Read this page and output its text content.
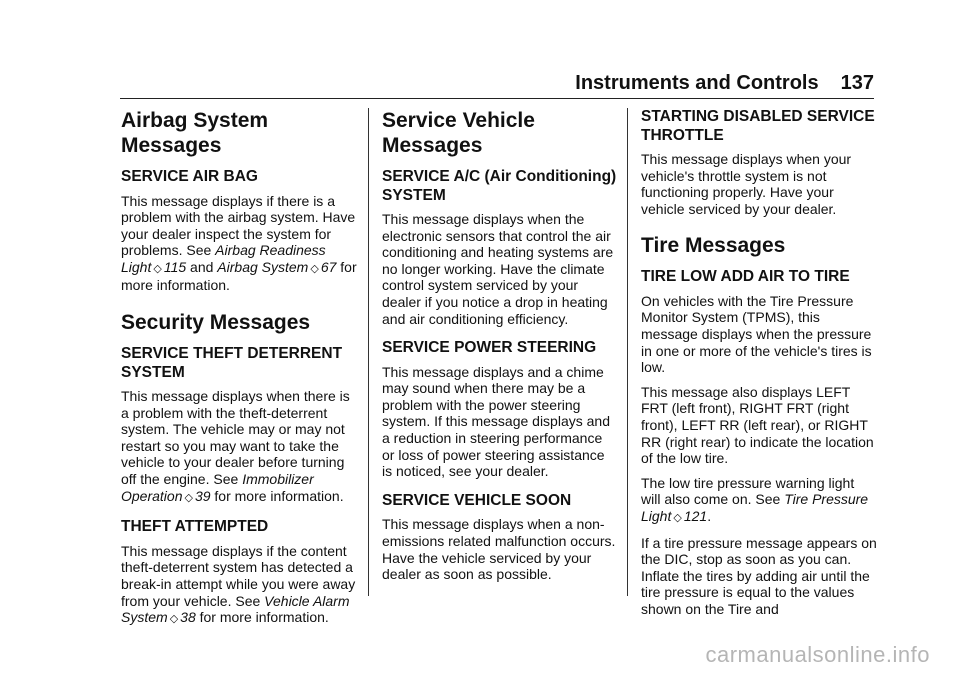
Instruments and Controls 137
Airbag System Messages
SERVICE AIR BAG

This message displays if there is a problem with the airbag system. Have your dealer inspect the system for problems. See Airbag Readiness Light ◇ 115 and Airbag System ◇ 67 for more information.

Security Messages
SERVICE THEFT DETERRENT SYSTEM

This message displays when there is a problem with the theft-deterrent system. The vehicle may or may not restart so you may want to take the vehicle to your dealer before turning off the engine. See Immobilizer Operation ◇ 39 for more information.

THEFT ATTEMPTED

This message displays if the content theft-deterrent system has detected a break-in attempt while you were away from your vehicle. See Vehicle Alarm System ◇ 38 for more information.

Service Vehicle Messages
SERVICE A/C (Air Conditioning) SYSTEM

This message displays when the electronic sensors that control the air conditioning and heating systems are no longer working. Have the climate control system serviced by your dealer if you notice a drop in heating and air conditioning efficiency.

SERVICE POWER STEERING

This message displays and a chime may sound when there may be a problem with the power steering system. If this message displays and a reduction in steering performance or loss of power steering assistance is noticed, see your dealer.

SERVICE VEHICLE SOON

This message displays when a non-emissions related malfunction occurs. Have the vehicle serviced by your dealer as soon as possible.

STARTING DISABLED SERVICE THROTTLE

This message displays when your vehicle's throttle system is not functioning properly. Have your vehicle serviced by your dealer.

Tire Messages
TIRE LOW ADD AIR TO TIRE

On vehicles with the Tire Pressure Monitor System (TPMS), this message displays when the pressure in one or more of the vehicle's tires is low.

This message also displays LEFT FRT (left front), RIGHT FRT (right front), LEFT RR (left rear), or RIGHT RR (right rear) to indicate the location of the low tire.

The low tire pressure warning light will also come on. See Tire Pressure Light ◇ 121.

If a tire pressure message appears on the DIC, stop as soon as you can. Inflate the tires by adding air until the tire pressure is equal to the values shown on the Tire and

carmanualsonline.info
